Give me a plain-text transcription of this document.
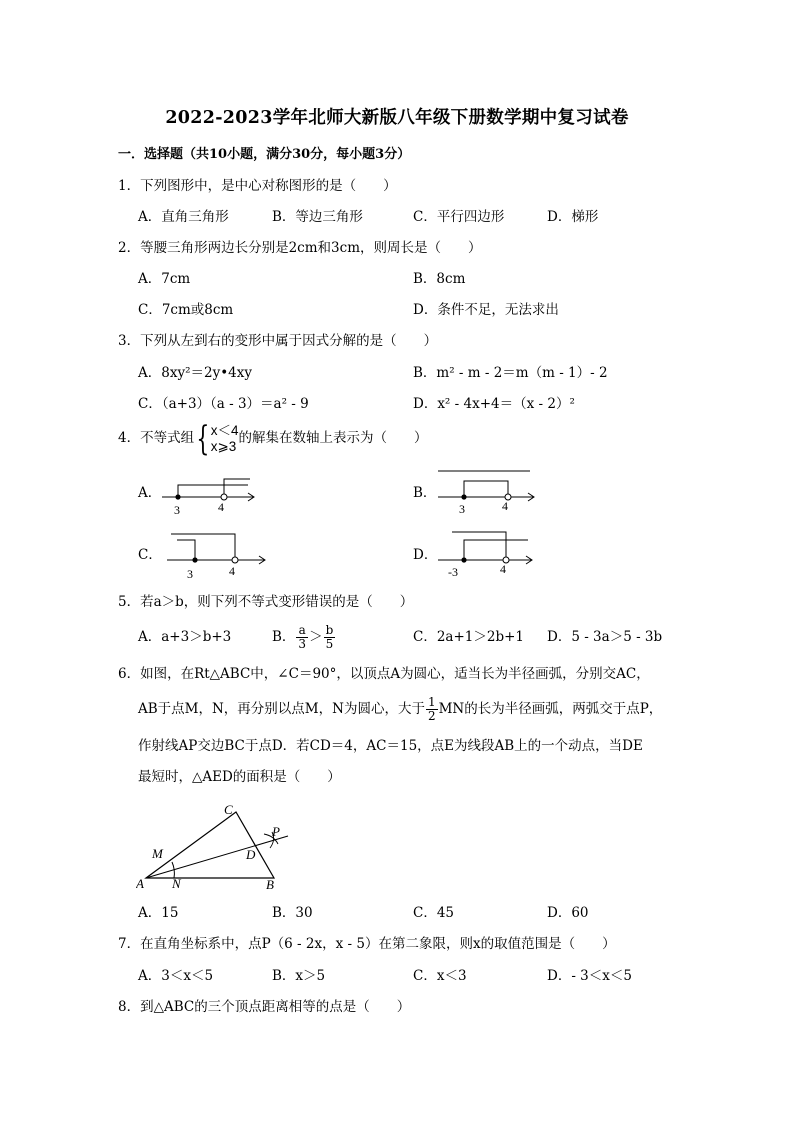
2022-2023学年北师大新版八年级下册数学期中复习试卷
一．选择题（共10小题，满分30分，每小题3分）
1．下列图形中，是中心对称图形的是（　　）
A．直角三角形	B．等边三角形	C．平行四边形	D．梯形
2．等腰三角形两边长分别是2cm和3cm，则周长是（　　）
A．7cm	B．8cm
C．7cm或8cm	D．条件不足，无法求出
3．下列从左到右的变形中属于因式分解的是（　　）
A．8xy²＝2y•4xy	B．m² - m - 2＝m（m - 1）- 2
C．（a+3）（a - 3）＝a² - 9	D．x² - 4x+4＝（x - 2）²
4．不等式组{ x＜4
x⩾3 的解集在数轴上表示为（　　）
A．
3	4
B．
3	4
C．
3	4
D．
-3	4
5．若a＞b，则下列不等式变形错误的是（　　）
A．a+3＞b+3	B． $\frac{a}{3} > \frac{b}{5}$	C．2a+1＞2b+1 D．5 - 3a＞5 - 3b
6．如图，在Rt△ABC中，∠C＝90°，以顶点A为圆心，适当长为半径画弧，分别交AC，
AB于点M，N，再分别以点M，N为圆心，大于 $\frac{1}{2}$ MN的长为半径画弧，两弧交于点P，
作射线AP交边BC于点D．若CD＝4，AC＝15，点E为线段AB上的一个动点，当DE
最短时，△AED的面积是（　　）
A N	B
C
M	D
P
A．15	B．30	C．45	D．60
7．在直角坐标系中，点P（6 - 2x，x - 5）在第二象限，则x的取值范围是（　　）
A．3＜x＜5	B．x＞5	C．x＜3	D．- 3＜x＜5
8．到△ABC的三个顶点距离相等的点是（　　）
